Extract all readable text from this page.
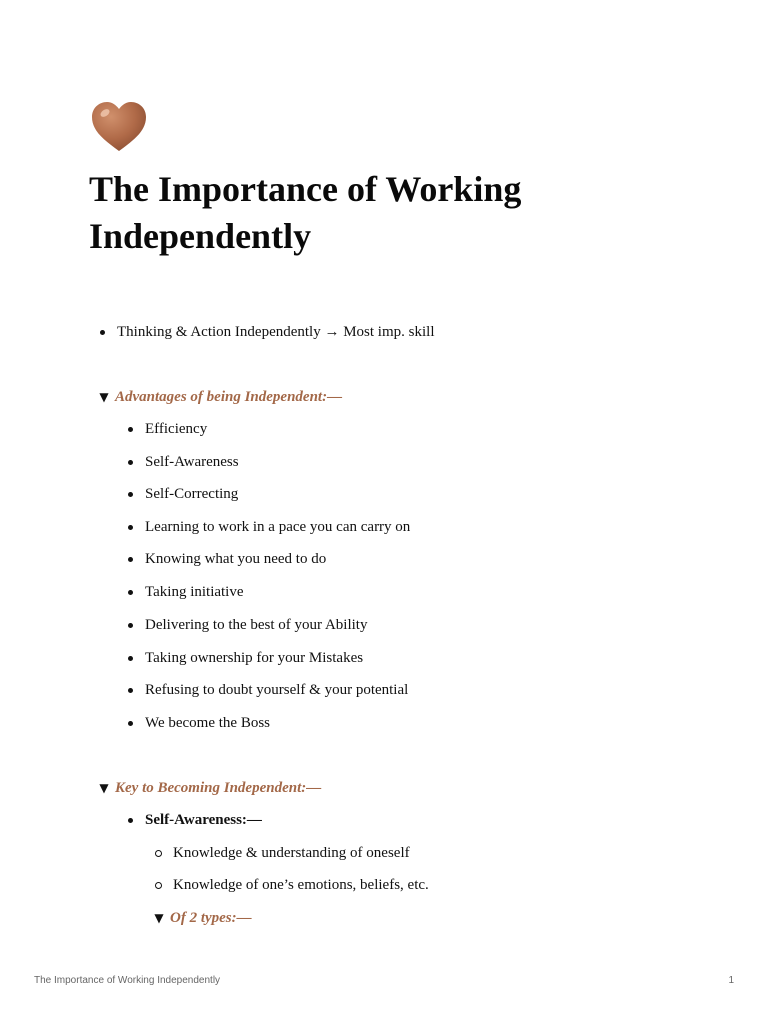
The Importance of Working Independently
Thinking & Action Independently → Most imp. skill
▼ Advantages of being Independent:—
Efficiency
Self-Awareness
Self-Correcting
Learning to work in a pace you can carry on
Knowing what you need to do
Taking initiative
Delivering to the best of your Ability
Taking ownership for your Mistakes
Refusing to doubt yourself & your potential
We become the Boss
▼ Key to Becoming Independent:—
Self-Awareness:—
Knowledge & understanding of oneself
Knowledge of one’s emotions, beliefs, etc.
▼ Of 2 types:—
The Importance of Working Independently	1
